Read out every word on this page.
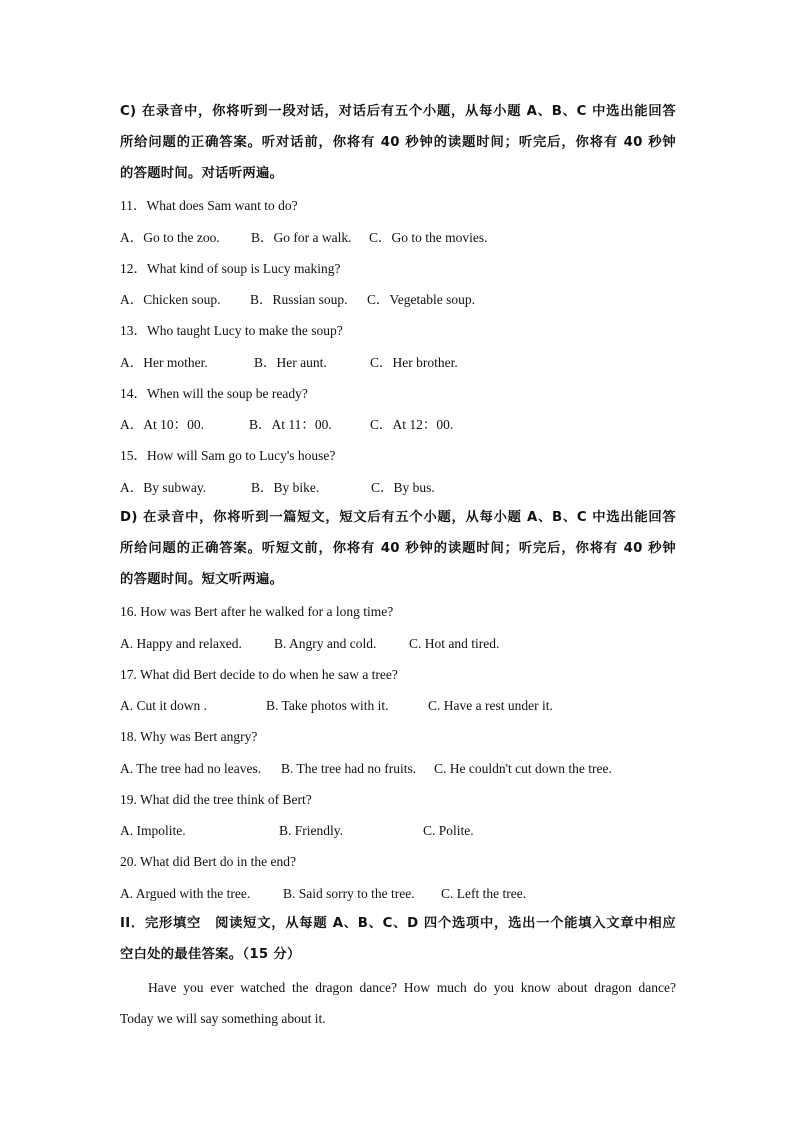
C) 在录音中，你将听到一段对话，对话后有五个小题，从每小题 A、B、C 中选出能回答
所给问题的正确答案。听对话前，你将有 40 秒钟的读题时间；听完后，你将有 40 秒钟
的答题时间。对话听两遍。
11．What does Sam want to do?
A．Go to the zoo. B．Go for a walk. C．Go to the movies.
12．What kind of soup is Lucy making?
A．Chicken soup. B．Russian soup. C．Vegetable soup.
13．Who taught Lucy to make the soup?
A．Her mother.	B．Her aunt.	C．Her brother.
14．When will the soup be ready?
A．At 10：00.	B．At 11：00.	C．At 12：00.
15．How will Sam go to Lucy's house?
A．By subway.	B．By bike.	C．By bus.
D) 在录音中，你将听到一篇短文，短文后有五个小题，从每小题 A、B、C 中选出能回答
所给问题的正确答案。听短文前，你将有 40 秒钟的读题时间；听完后，你将有 40 秒钟
的答题时间。短文听两遍。
16. How was Bert after he walked for a long time?
A. Happy and relaxed. B. Angry and cold. C. Hot and tired.
17. What did Bert decide to do when he saw a tree?
A. Cut it down .	B. Take photos with it.	C. Have a rest under it.
18. Why was Bert angry?
A. The tree had no leaves. B. The tree had no fruits. C. He couldn't cut down the tree.
19. What did the tree think of Bert?
A. Impolite.	B. Friendly.	C. Polite.
20. What did Bert do in the end?
A. Argued with the tree. B. Said sorry to the tree. C. Left the tree.
II．完形填空　阅读短文，从每题 A、B、C、D 四个选项中，选出一个能填入文章中相应
空白处的最佳答案。（15 分）
Have you ever watched the dragon dance? How much do you know about dragon dance?
Today we will say something about it.
